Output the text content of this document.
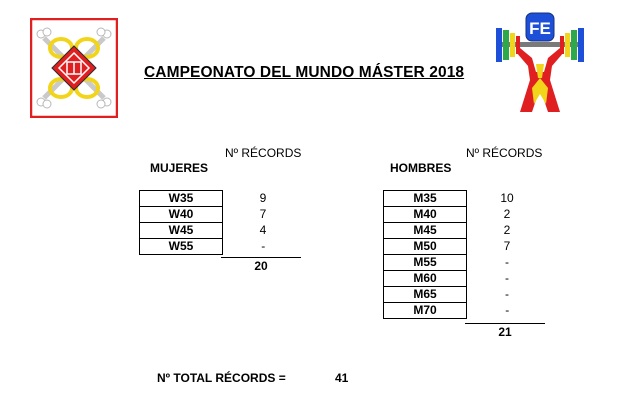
CAMPEONATO DEL MUNDO MÁSTER 2018
FE
Nº RÉCORDS
MUJERES
W35	9
W40	7
W45	4
W55	-
20
Nº RÉCORDS
HOMBRES
M35	10
M40	2
M45	2
M50	7
M55	-
M60	-
M65	-
M70	-
21
Nº TOTAL RÉCORDS =	41
